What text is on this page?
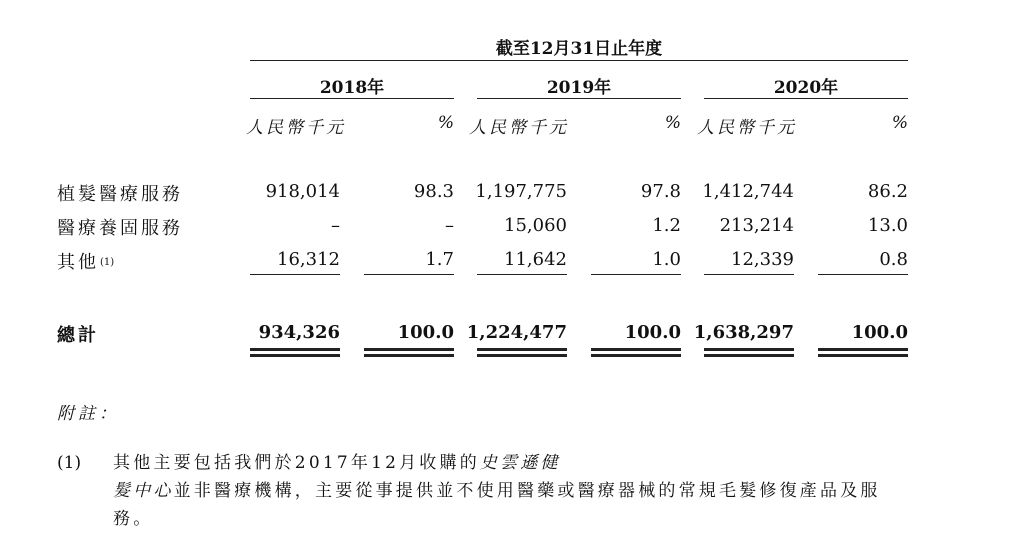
截至12月31日止年度
2018年	2019年	2020年
人民幣千元	% 人民幣千元	% 人民幣千元	%
植髮醫療服務	918,014	98.3	1,197,775	97.8	1,412,744	86.2
醫療養固服務	–	–	15,060	1.2	213,214	13.0
其他$^{(1)}$	16,312	1.7	11,642	1.0	12,339	0.8
總計	934,326	100.0 1,224,477	100.0 1,638,297	100.0
附註：
(1) 其他主要包括我們於2017年12月收購的史雲遜健
髮中心並非醫療機構，主要從事提供並不使用醫藥或醫療器械的常規毛髮修復產品及服務。
